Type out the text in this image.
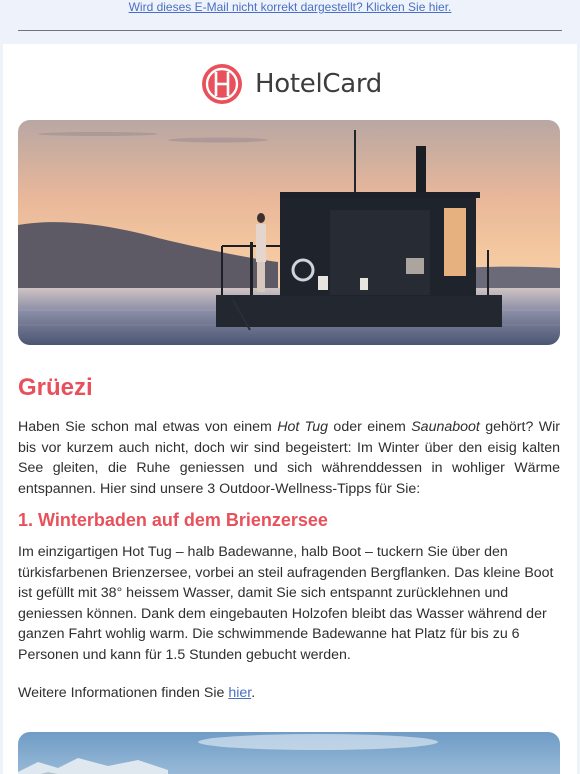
Wird dieses E-Mail nicht korrekt dargestellt? Klicken Sie hier.
HotelCard
Grüezi
Haben Sie schon mal etwas von einem Hot Tug oder einem Saunaboot gehört? Wir bis vor kurzem auch nicht, doch wir sind begeistert: Im Winter über den eisig kalten See gleiten, die Ruhe geniessen und sich währenddessen in wohliger Wärme entspannen. Hier sind unsere 3 Outdoor-Wellness-Tipps für Sie:
1. Winterbaden auf dem Brienzersee
Im einzigartigen Hot Tug – halb Badewanne, halb Boot – tuckern Sie über den türkisfarbenen Brienzersee, vorbei an steil aufragenden Bergflanken. Das kleine Boot ist gefüllt mit 38° heissem Wasser, damit Sie sich entspannt zurücklehnen und geniessen können. Dank dem eingebauten Holzofen bleibt das Wasser während der ganzen Fahrt wohlig warm. Die schwimmende Badewanne hat Platz für bis zu 6 Personen und kann für 1.5 Stunden gebucht werden.
Weitere Informationen finden Sie hier.
